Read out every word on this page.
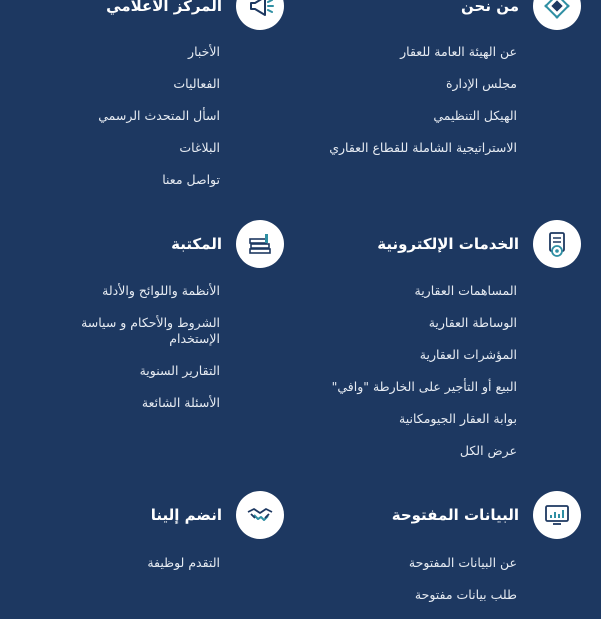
من نحن
عن الهيئة العامة للعقار
مجلس الإدارة
الهيكل التنظيمي
الاستراتيجية الشاملة للقطاع العقاري
المركز الاعلامي
الأخبار
الفعاليات
اسأل المتحدث الرسمي
البلاغات
تواصل معنا
الخدمات الإلكترونية
المساهمات العقارية
الوساطة العقارية
المؤشرات العقارية
البيع أو التأجير على الخارطة "وافي"
بوابة العقار الجيومكانية
عرض الكل
المكتبة
الأنظمة واللوائح والأدلة
الشروط والأحكام و سياسة الإستخدام
التقارير السنوية
الأسئلة الشائعة
البيانات المفتوحة
عن البيانات المفتوحة
طلب بيانات مفتوحة
انضم إلينا
التقدم لوظيفة
